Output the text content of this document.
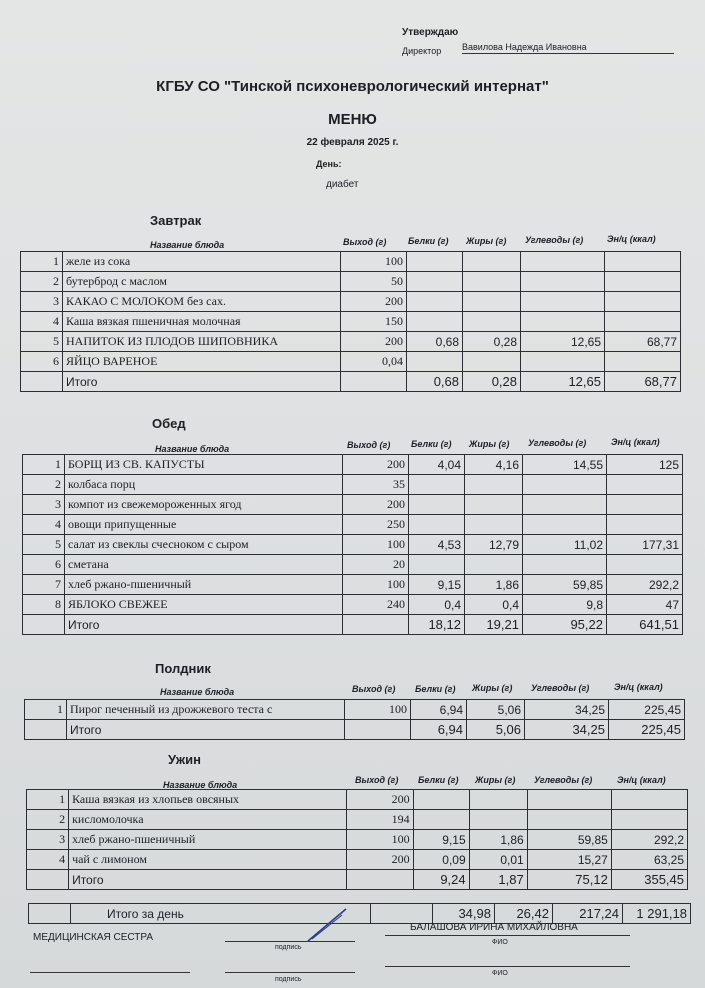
Утверждаю
Директор Вавилова Надежда Ивановна
КГБУ СО "Тинской психоневрологический интернат"
МЕНЮ
22 февраля 2025 г.
День:
диабет
Завтрак
Название блюда	Выход (г) Белки (г) Жиры (г) Углеводы (г)	Эн/ц (ккал)
1	желе из сока	100				
2	бутерброд с маслом	50				
3	КАКАО С МОЛОКОМ без сах.	200				
4	Каша вязкая пшеничная молочная	150				
5	НАПИТОК ИЗ ПЛОДОВ ШИПОВНИКА	200	0,68	0,28	12,65	68,77
6	ЯЙЦО ВАРЕНОЕ	0,04				
	Итого		0,68	0,28	12,65	68,77
Обед
Название блюда	Выход (г) Белки (г) Жиры (г) Углеводы (г)	Эн/ц (ккал)
1	БОРЩ ИЗ СВ. КАПУСТЫ	200	4,04	4,16	14,55	125
2	колбаса порц	35				
3	компот из свежемороженных ягод	200				
4	овощи припущенные	250				
5	салат из свеклы счесноком с сыром	100	4,53	12,79	11,02	177,31
6	сметана	20				
7	хлеб ржано-пшеничный	100	9,15	1,86	59,85	292,2
8	ЯБЛОКО СВЕЖЕЕ	240	0,4	0,4	9,8	47
	Итого		18,12	19,21	95,22	641,51
Полдник
Название блюда	Выход (г) Белки (г) Жиры (г) Углеводы (г)	Эн/ц (ккал)
1	Пирог печенный из дрожжевого теста с	100	6,94	5,06	34,25	225,45
	Итого		6,94	5,06	34,25	225,45
Ужин
Название блюда	Выход (г) Белки (г) Жиры (г) Углеводы (г)	Эн/ц (ккал)
1	Каша вязкая из хлопьев овсяных	200				
2	кисломолочка	194				
3	хлеб ржано-пшеничный	100	9,15	1,86	59,85	292,2
4	чай с лимоном	200	0,09	0,01	15,27	63,25
	Итого		9,24	1,87	75,12	355,45
	Итого за день		34,98	26,42	217,24	1 291,18
МЕДИЦИНСКАЯ СЕСТРА
подпись
БАЛАШОВА ИРИНА МИХАЙЛОВНА
ФИО
подпись
ФИО
